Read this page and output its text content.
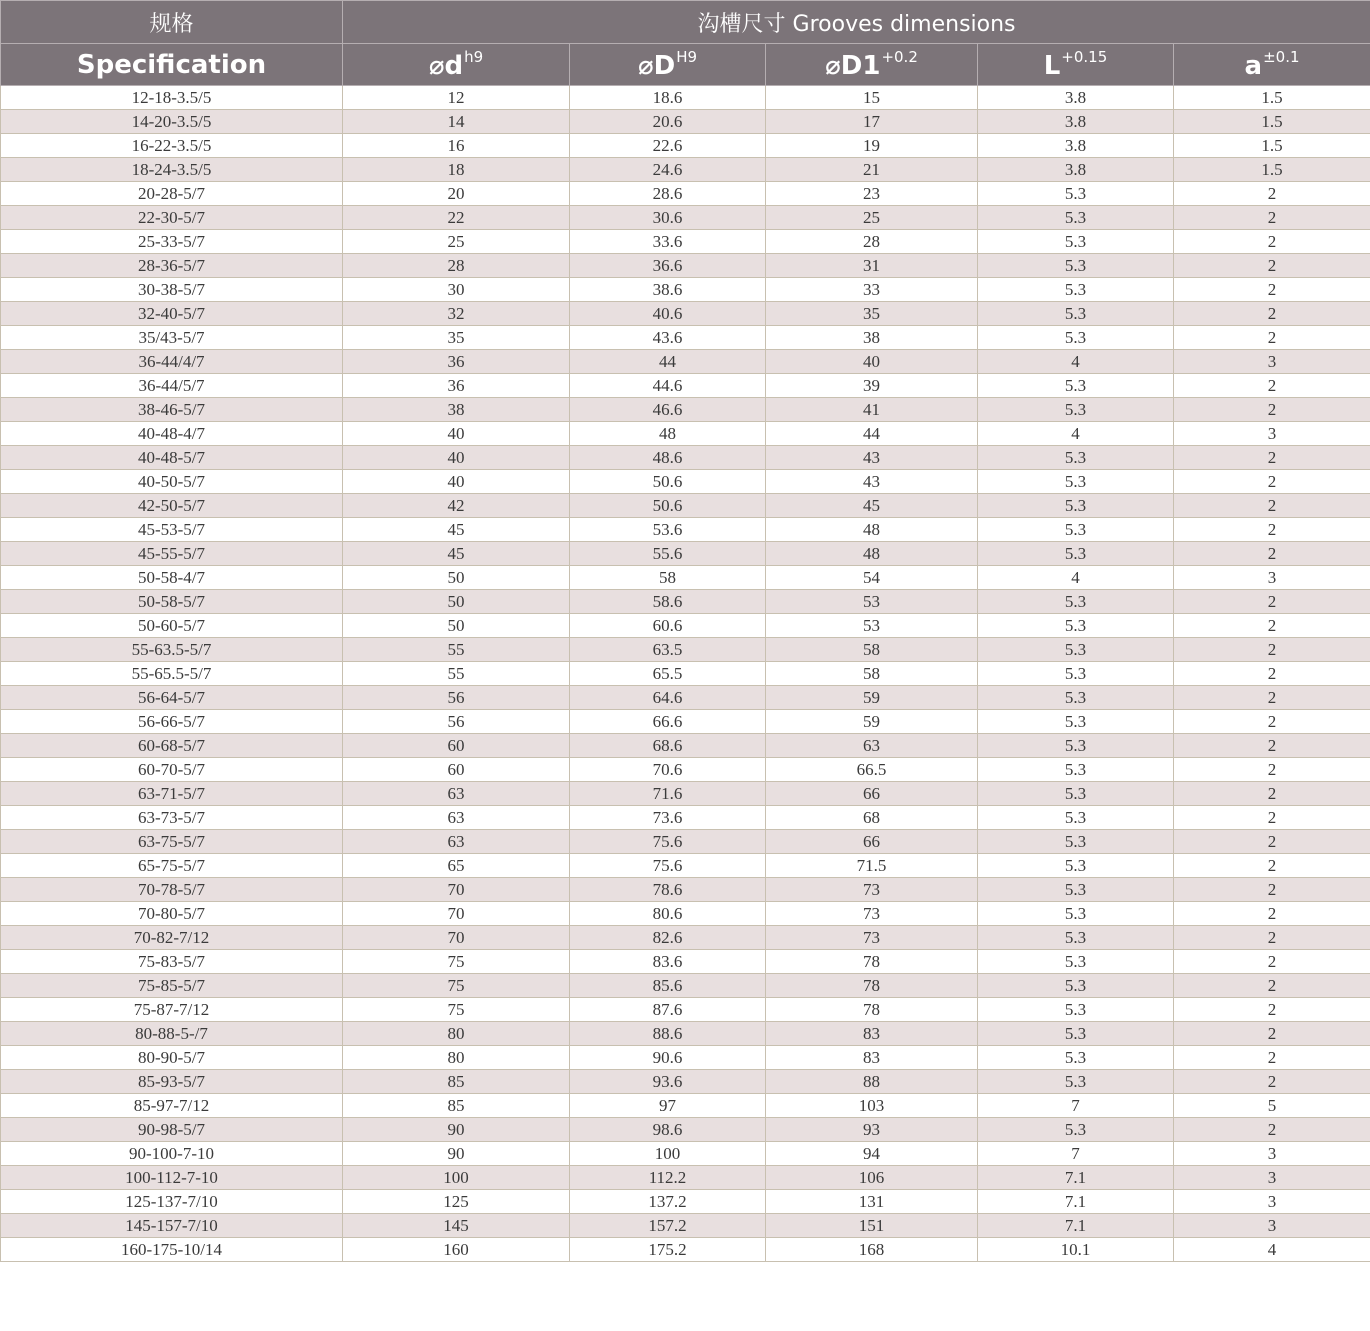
规格	沟槽尺寸 Grooves dimensions				
Specification	$⌀d^{h9}$	$⌀D^{H9}$	$⌀D1^{+0.2}$	$L^{+0.15}$	$a^{\pm 0.1}$
12-18-3.5/5	12	18.6	15	3.8	1.5
14-20-3.5/5	14	20.6	17	3.8	1.5
16-22-3.5/5	16	22.6	19	3.8	1.5
18-24-3.5/5	18	24.6	21	3.8	1.5
20-28-5/7	20	28.6	23	5.3	2
22-30-5/7	22	30.6	25	5.3	2
25-33-5/7	25	33.6	28	5.3	2
28-36-5/7	28	36.6	31	5.3	2
30-38-5/7	30	38.6	33	5.3	2
32-40-5/7	32	40.6	35	5.3	2
35/43-5/7	35	43.6	38	5.3	2
36-44/4/7	36	44	40	4	3
36-44/5/7	36	44.6	39	5.3	2
38-46-5/7	38	46.6	41	5.3	2
40-48-4/7	40	48	44	4	3
40-48-5/7	40	48.6	43	5.3	2
40-50-5/7	40	50.6	43	5.3	2
42-50-5/7	42	50.6	45	5.3	2
45-53-5/7	45	53.6	48	5.3	2
45-55-5/7	45	55.6	48	5.3	2
50-58-4/7	50	58	54	4	3
50-58-5/7	50	58.6	53	5.3	2
50-60-5/7	50	60.6	53	5.3	2
55-63.5-5/7	55	63.5	58	5.3	2
55-65.5-5/7	55	65.5	58	5.3	2
56-64-5/7	56	64.6	59	5.3	2
56-66-5/7	56	66.6	59	5.3	2
60-68-5/7	60	68.6	63	5.3	2
60-70-5/7	60	70.6	66.5	5.3	2
63-71-5/7	63	71.6	66	5.3	2
63-73-5/7	63	73.6	68	5.3	2
63-75-5/7	63	75.6	66	5.3	2
65-75-5/7	65	75.6	71.5	5.3	2
70-78-5/7	70	78.6	73	5.3	2
70-80-5/7	70	80.6	73	5.3	2
70-82-7/12	70	82.6	73	5.3	2
75-83-5/7	75	83.6	78	5.3	2
75-85-5/7	75	85.6	78	5.3	2
75-87-7/12	75	87.6	78	5.3	2
80-88-5-/7	80	88.6	83	5.3	2
80-90-5/7	80	90.6	83	5.3	2
85-93-5/7	85	93.6	88	5.3	2
85-97-7/12	85	97	103	7	5
90-98-5/7	90	98.6	93	5.3	2
90-100-7-10	90	100	94	7	3
100-112-7-10	100	112.2	106	7.1	3
125-137-7/10	125	137.2	131	7.1	3
145-157-7/10	145	157.2	151	7.1	3
160-175-10/14	160	175.2	168	10.1	4
